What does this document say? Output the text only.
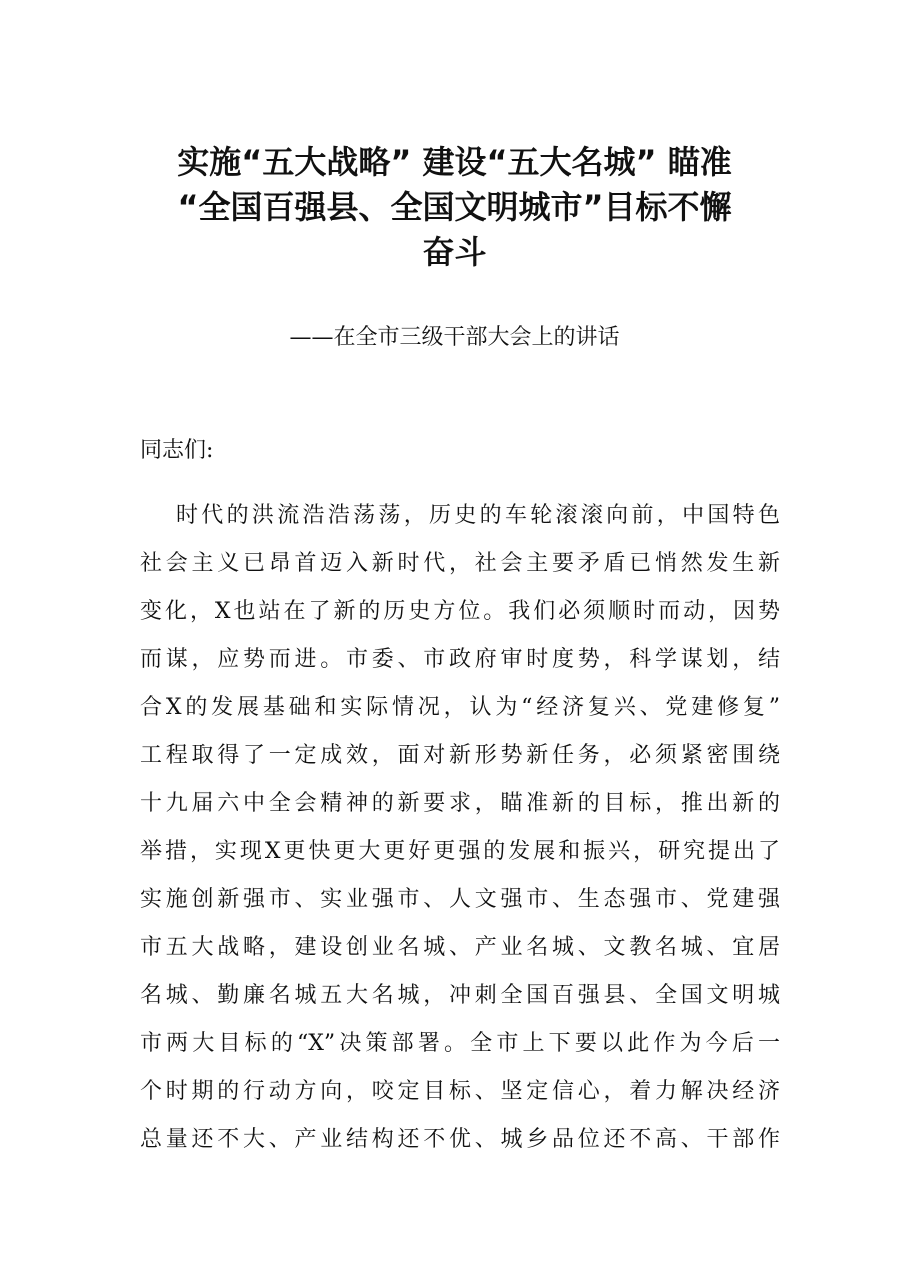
实施“五大战略” 建设“五大名城” 瞄准
“全国百强县、全国文明城市”目标不懈
奋斗
——在全市三级干部大会上的讲话
同志们:
时代的洪流浩浩荡荡，历史的车轮滚滚向前，中国特色
社会主义已昂首迈入新时代，社会主要矛盾已悄然发生新
变化，X也站在了新的历史方位。我们必须顺时而动，因势
而谋，应势而进。市委、市政府审时度势，科学谋划，结
合X的发展基础和实际情况，认为“经济复兴、党建修复”
工程取得了一定成效，面对新形势新任务，必须紧密围绕
十九届六中全会精神的新要求，瞄准新的目标，推出新的
举措，实现X更快更大更好更强的发展和振兴，研究提出了
实施创新强市、实业强市、人文强市、生态强市、党建强
市五大战略，建设创业名城、产业名城、文教名城、宜居
名城、勤廉名城五大名城，冲刺全国百强县、全国文明城
市两大目标的“X”决策部署。全市上下要以此作为今后一
个时期的行动方向，咬定目标、坚定信心，着力解决经济
总量还不大、产业结构还不优、城乡品位还不高、干部作
